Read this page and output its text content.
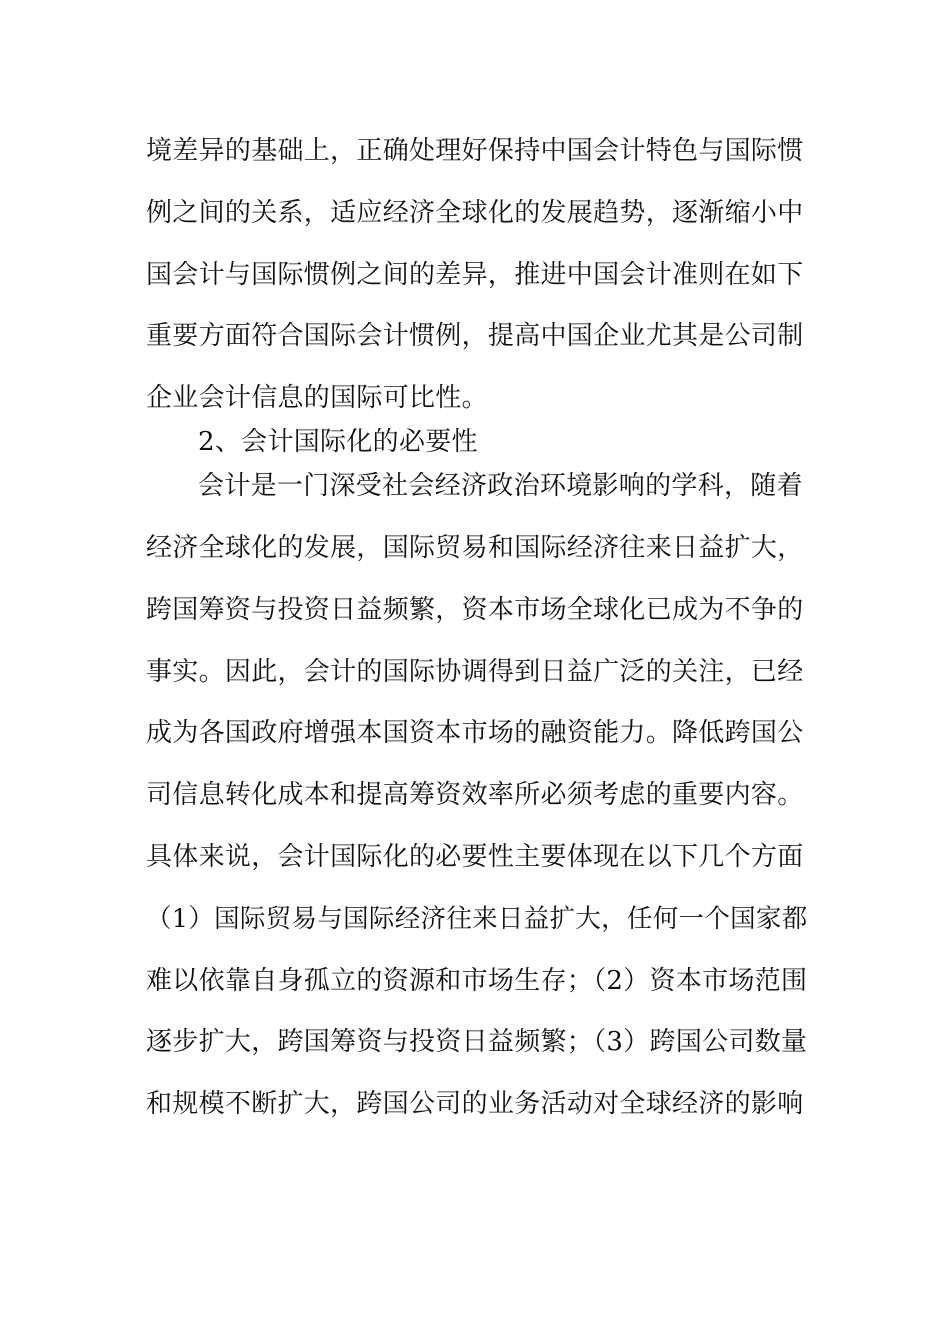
境差异的基础上，正确处理好保持中国会计特色与国际惯
例之间的关系，适应经济全球化的发展趋势，逐渐缩小中
国会计与国际惯例之间的差异，推进中国会计准则在如下
重要方面符合国际会计惯例，提高中国企业尤其是公司制
企业会计信息的国际可比性。
2、会计国际化的必要性
会计是一门深受社会经济政治环境影响的学科，随着
经济全球化的发展，国际贸易和国际经济往来日益扩大，
跨国筹资与投资日益频繁，资本市场全球化已成为不争的
事实。因此，会计的国际协调得到日益广泛的关注，已经
成为各国政府增强本国资本市场的融资能力。降低跨国公
司信息转化成本和提高筹资效率所必须考虑的重要内容。
具体来说，会计国际化的必要性主要体现在以下几个方面
（1）国际贸易与国际经济往来日益扩大，任何一个国家都
难以依靠自身孤立的资源和市场生存；（2）资本市场范围
逐步扩大，跨国筹资与投资日益频繁；（3）跨国公司数量
和规模不断扩大，跨国公司的业务活动对全球经济的影响
